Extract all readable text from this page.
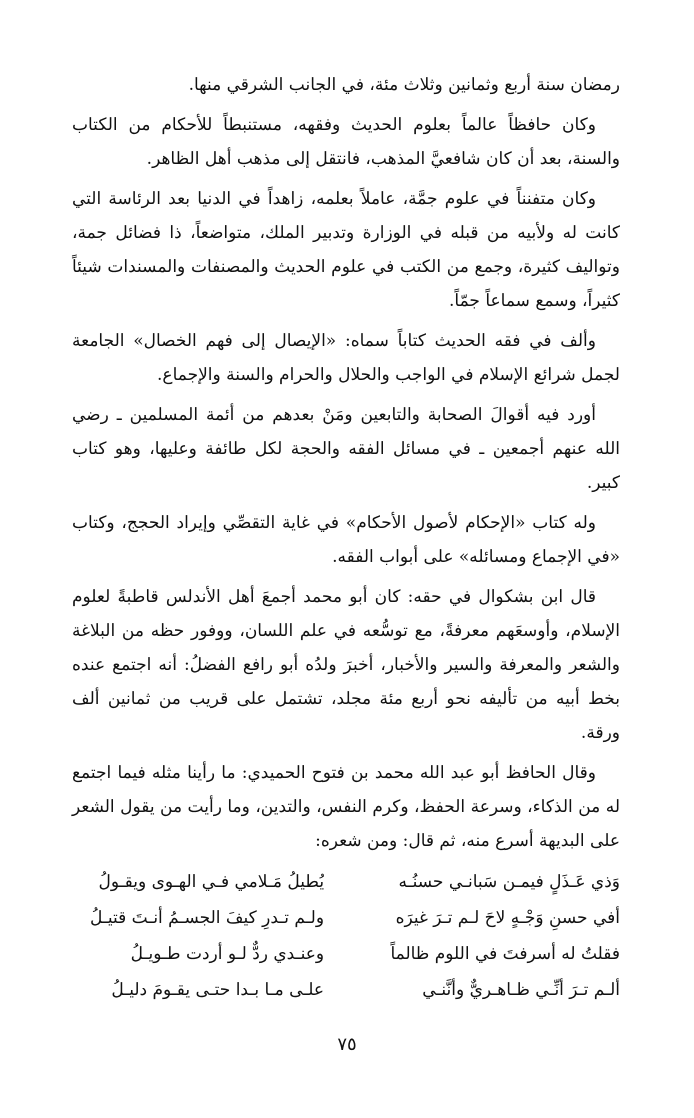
رمضان سنة أربع وثمانين وثلاث مئة، في الجانب الشرقي منها.

وكان حافظاً عالماً بعلوم الحديث وفقهه، مستنبطاً للأحكام من الكتاب والسنة، بعد أن كان شافعيَّ المذهب، فانتقل إلى مذهب أهل الظاهر.

وكان متفنناً في علوم جمَّة، عاملاً بعلمه، زاهداً في الدنيا بعد الرئاسة التي كانت له ولأبيه من قبله في الوزارة وتدبير الملك، متواضعاً، ذا فضائل جمة، وتواليف كثيرة، وجمع من الكتب في علوم الحديث والمصنفات والمسندات شيئاً كثيراً، وسمع سماعاً جمّاً.

وألف في فقه الحديث كتاباً سماه: «الإيصال إلى فهم الخصال» الجامعة لجمل شرائع الإسلام في الواجب والحلال والحرام والسنة والإجماع.

أورد فيه أقوالَ الصحابة والتابعين ومَنْ بعدهم من أئمة المسلمين ـ رضي الله عنهم أجمعين ـ في مسائل الفقه والحجة لكل طائفة وعليها، وهو كتاب كبير.

وله كتاب «الإحكام لأصول الأحكام» في غاية التقصِّي وإيراد الحجج، وكتاب «في الإجماع ومسائله» على أبواب الفقه.

قال ابن بشكوال في حقه: كان أبو محمد أجمعَ أهل الأندلس قاطبةً لعلوم الإسلام، وأوسعَهم معرفةً، مع توسُّعه في علم اللسان، ووفور حظه من البلاغة والشعر والمعرفة والسير والأخبار، أخبرَ ولدُه أبو رافع الفضلُ: أنه اجتمع عنده بخط أبيه من تأليفه نحو أربع مئة مجلد، تشتمل على قريب من ثمانين ألف ورقة.

وقال الحافظ أبو عبد الله محمد بن فتوح الحميدي: ما رأينا مثله فيما اجتمع له من الذكاء، وسرعة الحفظ، وكرم النفس، والتدين، وما رأيت من يقول الشعر على البديهة أسرع منه، ثم قال: ومن شعره:

وَذي عَـذَلٍ فيمـن سَبانـي حسنُـه
يُطيلُ مَـلامي فـي الهـوى ويقـولُ
أفي حسنِ وَجْـهٍ لاحَ لـم تـرَ غيرَه
ولـم تـدرِ كيفَ الجسـمُ أنـتَ قتيـلُ
فقلتُ له أسرفتَ في اللوم ظالماً
وعنـدي ردٌّ لـو أردت طـويـلُ
ألـم تـرَ أنِّـي ظـاهـريٌّ وأنَّنـي
علـى مـا بـدا حتـى يقـومَ دليـلُ
٧٥
